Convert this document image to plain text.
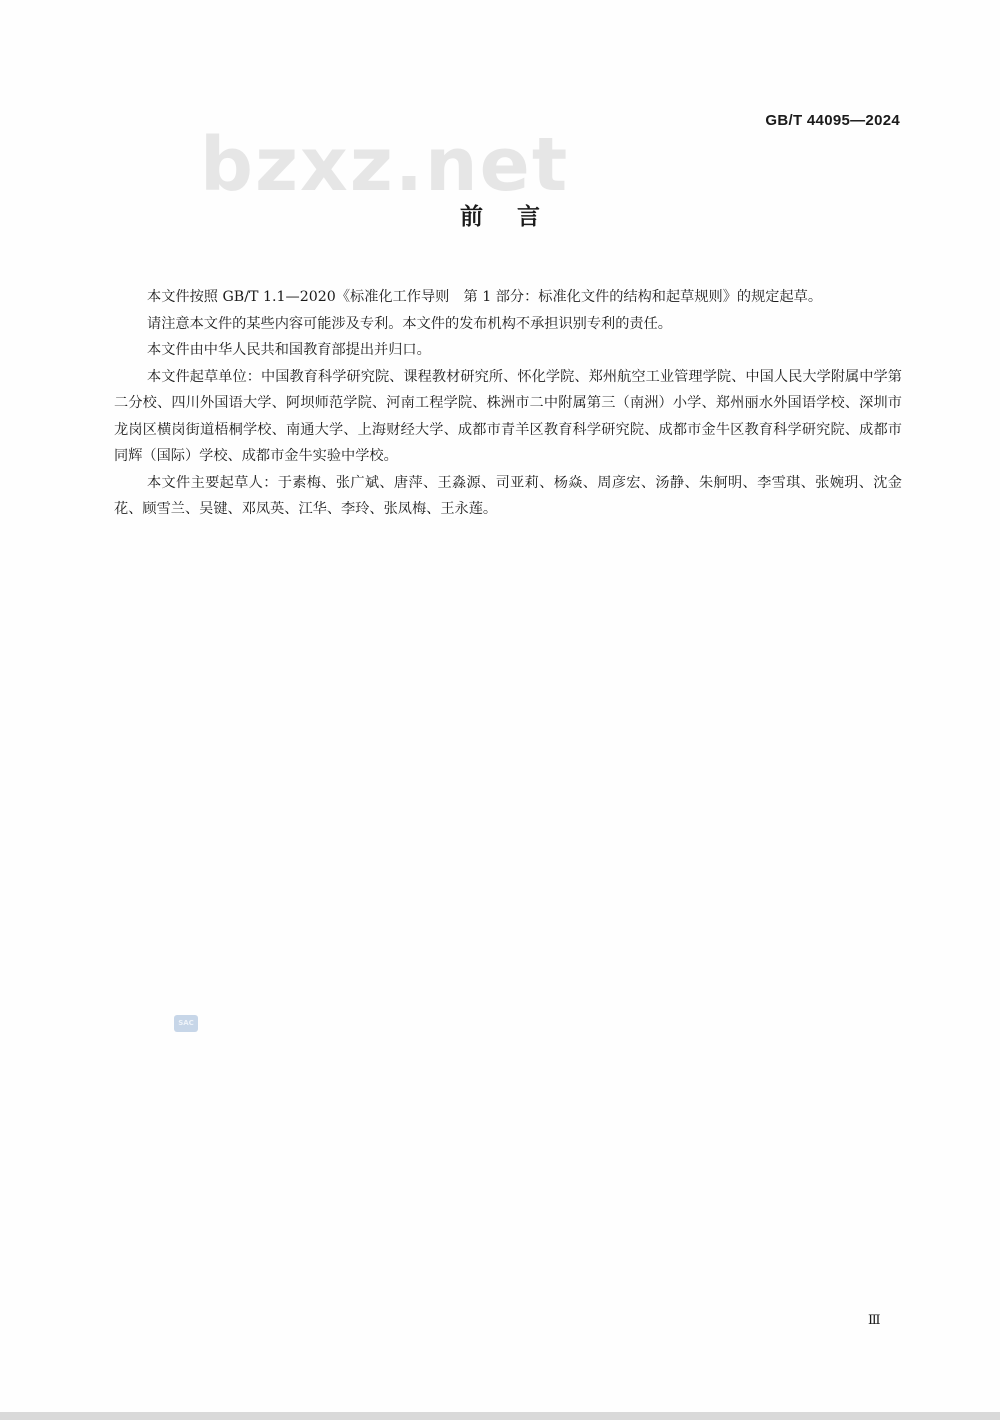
GB/T 44095—2024
bzxz.net
前言

本文件按照 GB/T 1.1—2020《标准化工作导则　第 1 部分：标准化文件的结构和起草规则》的规定起草。

请注意本文件的某些内容可能涉及专利。本文件的发布机构不承担识别专利的责任。

本文件由中华人民共和国教育部提出并归口。

本文件起草单位：中国教育科学研究院、课程教材研究所、怀化学院、郑州航空工业管理学院、中国人民大学附属中学第二分校、四川外国语大学、阿坝师范学院、河南工程学院、株洲市二中附属第三（南洲）小学、郑州丽水外国语学校、深圳市龙岗区横岗街道梧桐学校、南通大学、上海财经大学、成都市青羊区教育科学研究院、成都市金牛区教育科学研究院、成都市同辉（国际）学校、成都市金牛实验中学校。

本文件主要起草人：于素梅、张广斌、唐萍、王淼源、司亚莉、杨焱、周彦宏、汤静、朱舸明、李雪琪、张婉玥、沈金花、顾雪兰、吴键、邓凤英、江华、李玲、张凤梅、王永莲。

SAC
Ⅲ
